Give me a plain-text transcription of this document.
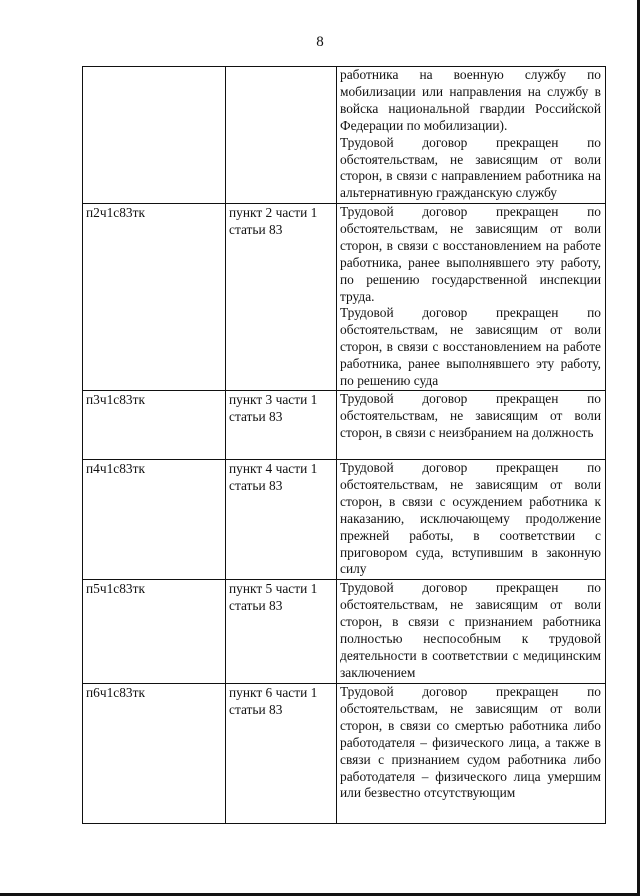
8

		работника на военную службу по мобилизации или направления на службу в войска национальной гвардии Российской Федерации по мобилизации).
Трудовой договор прекращен по обстоятельствам, не зависящим от воли сторон, в связи с направлением работника на альтернативную гражданскую службу

п2ч1с83тк	пункт 2 части 1 статьи 83	Трудовой договор прекращен по обстоятельствам, не зависящим от воли сторон, в связи с восстановлением на работе работника, ранее выполнявшего эту работу, по решению государственной инспекции труда.
Трудовой договор прекращен по обстоятельствам, не зависящим от воли сторон, в связи с восстановлением на работе работника, ранее выполнявшего эту работу, по решению суда

п3ч1с83тк	пункт 3 части 1 статьи 83	Трудовой договор прекращен по обстоятельствам, не зависящим от воли сторон, в связи с неизбранием на должность

п4ч1с83тк	пункт 4 части 1 статьи 83	Трудовой договор прекращен по обстоятельствам, не зависящим от воли сторон, в связи с осуждением работника к наказанию, исключающему продолжение прежней работы, в соответствии с приговором суда, вступившим в законную силу

п5ч1с83тк	пункт 5 части 1 статьи 83	Трудовой договор прекращен по обстоятельствам, не зависящим от воли сторон, в связи с признанием работника полностью неспособным к трудовой деятельности в соответствии с медицинским заключением

п6ч1с83тк	пункт 6 части 1 статьи 83	Трудовой договор прекращен по обстоятельствам, не зависящим от воли сторон, в связи со смертью работника либо работодателя – физического лица, а также в связи с признанием судом работника либо работодателя – физического лица умершим или безвестно отсутствующим
